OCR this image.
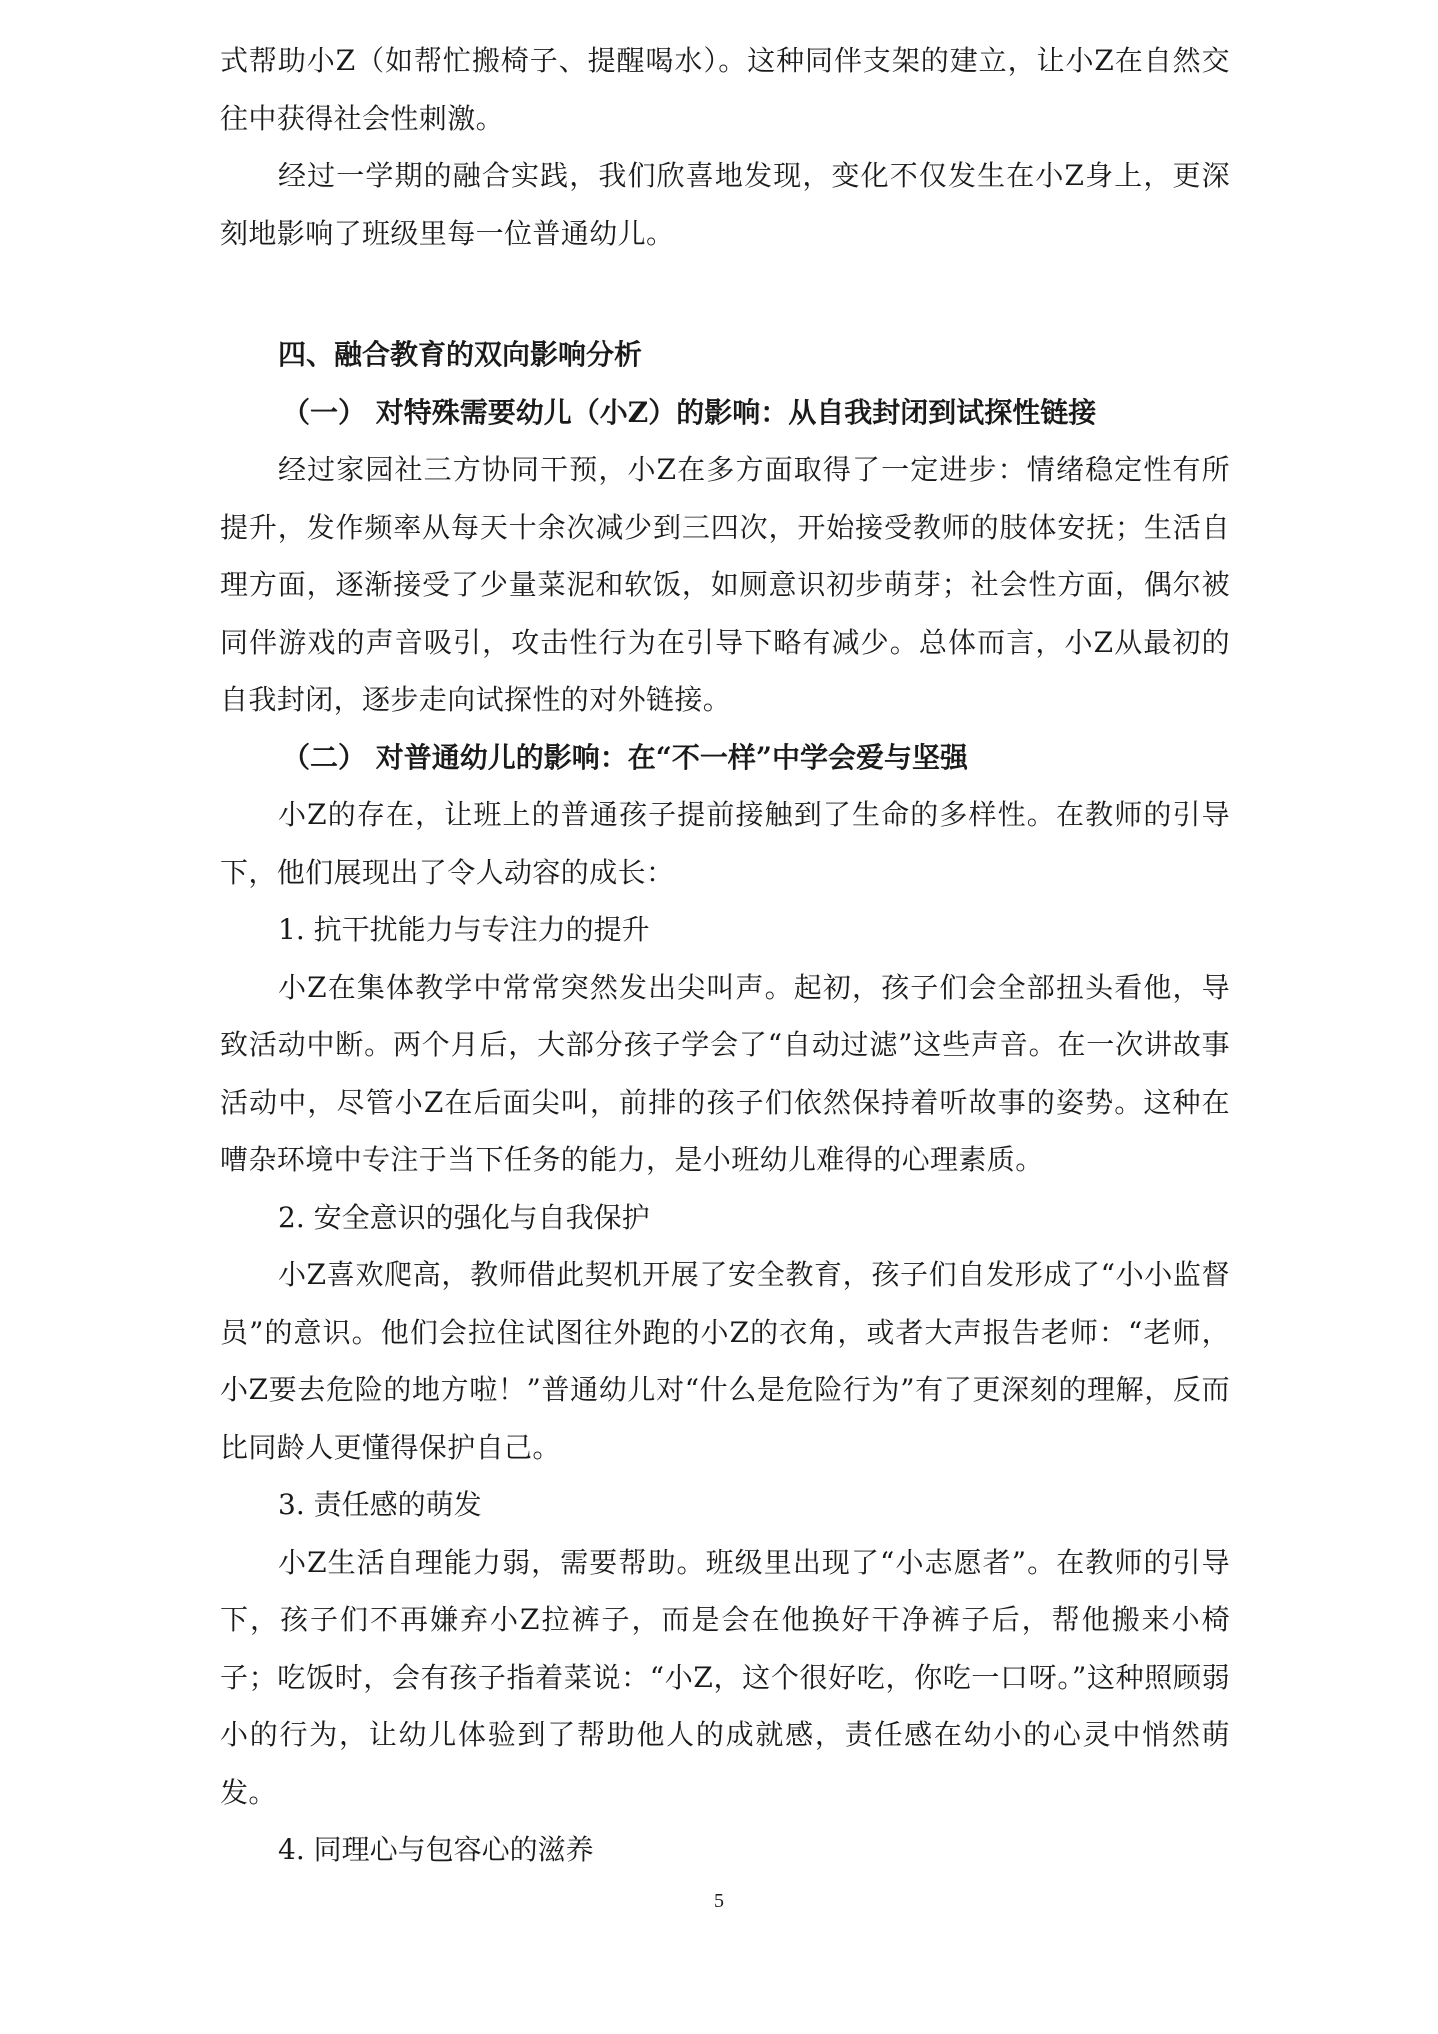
式帮助小Z（如帮忙搬椅子、提醒喝水）。这种同伴支架的建立，让小Z在自然交往中获得社会性刺激。

经过一学期的融合实践，我们欣喜地发现，变化不仅发生在小Z身上，更深刻地影响了班级里每一位普通幼儿。

四、融合教育的双向影响分析

（一） 对特殊需要幼儿（小Z）的影响：从自我封闭到试探性链接

经过家园社三方协同干预，小Z在多方面取得了一定进步：情绪稳定性有所提升，发作频率从每天十余次减少到三四次，开始接受教师的肢体安抚；生活自理方面，逐渐接受了少量菜泥和软饭，如厕意识初步萌芽；社会性方面，偶尔被同伴游戏的声音吸引，攻击性行为在引导下略有减少。总体而言，小Z从最初的自我封闭，逐步走向试探性的对外链接。

（二） 对普通幼儿的影响：在“不一样”中学会爱与坚强

小Z的存在，让班上的普通孩子提前接触到了生命的多样性。在教师的引导下，他们展现出了令人动容的成长：

1. 抗干扰能力与专注力的提升

小Z在集体教学中常常突然发出尖叫声。起初，孩子们会全部扭头看他，导致活动中断。两个月后，大部分孩子学会了“自动过滤”这些声音。在一次讲故事活动中，尽管小Z在后面尖叫，前排的孩子们依然保持着听故事的姿势。这种在嘈杂环境中专注于当下任务的能力，是小班幼儿难得的心理素质。

2. 安全意识的强化与自我保护

小Z喜欢爬高，教师借此契机开展了安全教育，孩子们自发形成了“小小监督员”的意识。他们会拉住试图往外跑的小Z的衣角，或者大声报告老师：“老师，小Z要去危险的地方啦！”普通幼儿对“什么是危险行为”有了更深刻的理解，反而比同龄人更懂得保护自己。

3. 责任感的萌发

小Z生活自理能力弱，需要帮助。班级里出现了“小志愿者”。在教师的引导下，孩子们不再嫌弃小Z拉裤子，而是会在他换好干净裤子后，帮他搬来小椅子；吃饭时，会有孩子指着菜说：“小Z，这个很好吃，你吃一口呀。”这种照顾弱小的行为，让幼儿体验到了帮助他人的成就感，责任感在幼小的心灵中悄然萌发。

4. 同理心与包容心的滋养

5
